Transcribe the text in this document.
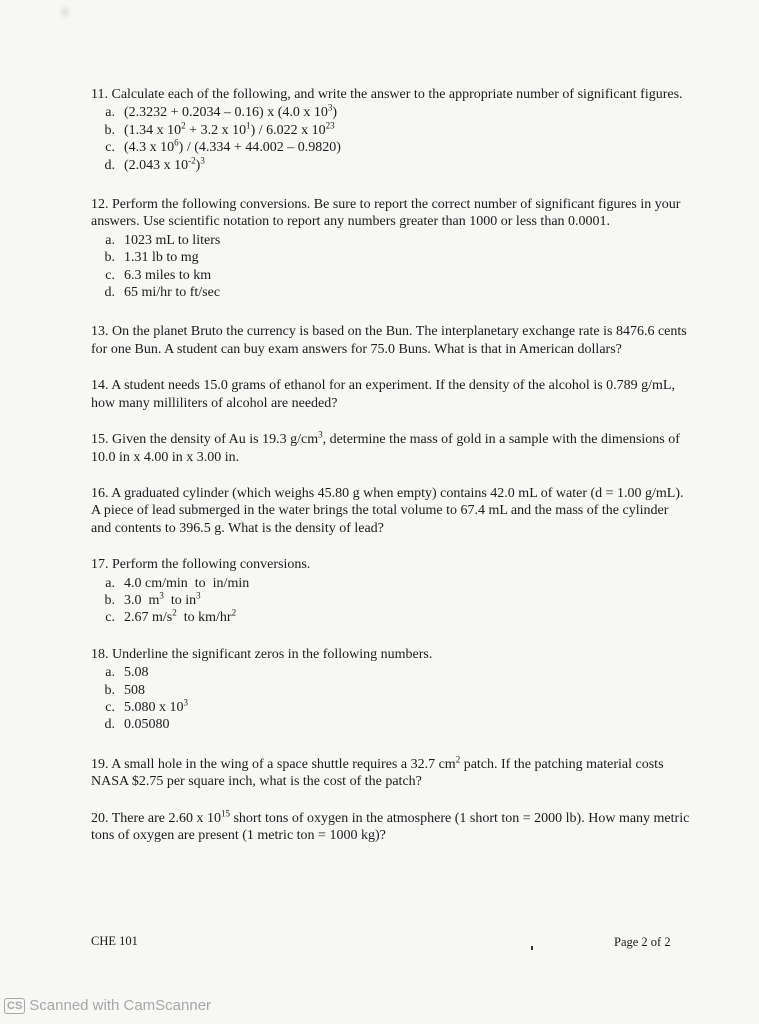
11. Calculate each of the following, and write the answer to the appropriate number of significant figures.

a. (2.3232 + 0.2034 – 0.16) x (4.0 x $10^3$)
b. (1.34 x $10^2 + 3.2$ x $10^1) / 6.022$ x $10^{23}$
c. (4.3 x $10^6) / (4.334 + 44.002 - 0.9820)$
d. (2.043 x $10^{-2})^3$

12. Perform the following conversions. Be sure to report the correct number of significant figures in your answers. Use scientific notation to report any numbers greater than 1000 or less than 0.0001.

a. 1023 mL to liters
b. 1.31 lb to mg
c. 6.3 miles to km
d. 65 mi/hr to ft/sec

13. On the planet Bruto the currency is based on the Bun. The interplanetary exchange rate is 8476.6 cents for one Bun. A student can buy exam answers for 75.0 Buns. What is that in American dollars?

14. A student needs 15.0 grams of ethanol for an experiment. If the density of the alcohol is 0.789 g/mL, how many milliliters of alcohol are needed?

15. Given the density of Au is 19.3 $g/cm^3$, determine the mass of gold in a sample with the dimensions of 10.0 in x 4.00 in x 3.00 in.

16. A graduated cylinder (which weighs 45.80 g when empty) contains 42.0 mL of water (d = 1.00 g/mL). A piece of lead submerged in the water brings the total volume to 67.4 mL and the mass of the cylinder and contents to 396.5 g. What is the density of lead?

17. Perform the following conversions.

a. 4.0 cm/min  to  in/min
b. 3.0  $m^3$  to $in^3$
c. 2.67 $m/s^2$  to $km/hr^2$

18. Underline the significant zeros in the following numbers.

a. 5.08
b. 508
c. 5.080 x $10^3$
d. 0.05080

19. A small hole in the wing of a space shuttle requires a 32.7 $cm^2$ patch. If the patching material costs NASA $2.75 per square inch, what is the cost of the patch?

20. There are 2.60 x $10^{15}$ short tons of oxygen in the atmosphere (1 short ton = 2000 lb). How many metric tons of oxygen are present (1 metric ton = 1000 kg)?

CHE 101	Page 2 of 2
CS Scanned with CamScanner
